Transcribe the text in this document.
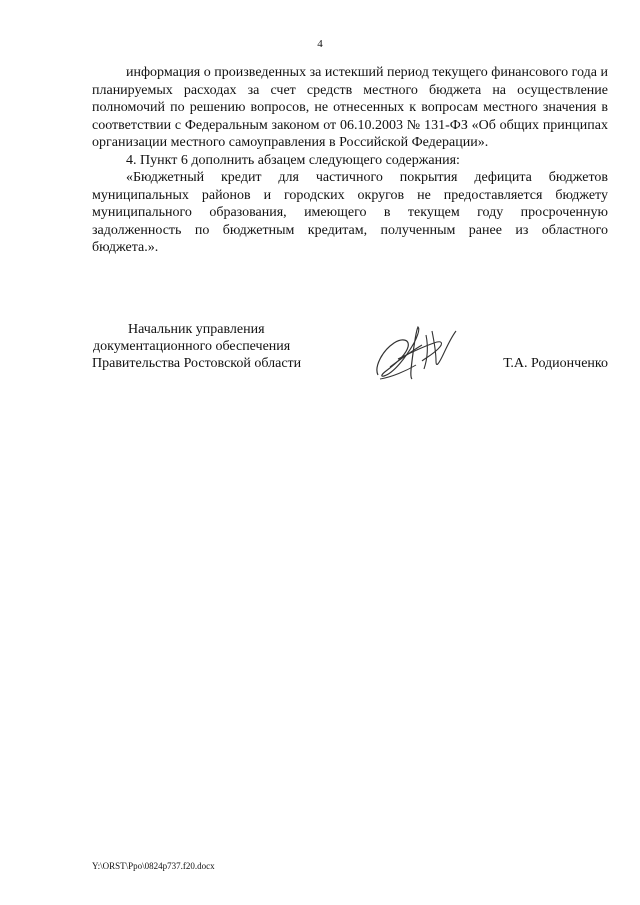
4

информация о произведенных за истекший период текущего финансового года и планируемых расходах за счет средств местного бюджета на осуществление полномочий по решению вопросов, не отнесенных к вопросам местного значения в соответствии с Федеральным законом от 06.10.2003 № 131-ФЗ «Об общих принципах организации местного самоуправления в Российской Федерации».

4. Пункт 6 дополнить абзацем следующего содержания:

«Бюджетный кредит для частичного покрытия дефицита бюджетов муниципальных районов и городских округов не предоставляется бюджету муниципального образования, имеющего в текущем году просроченную задолженность по бюджетным кредитам, полученным ранее из областного бюджета.».

Начальник управления
документационного обеспечения
Правительства Ростовской области	Т.А. Родионченко
Y:\ORST\Ppo\0824p737.f20.docx
